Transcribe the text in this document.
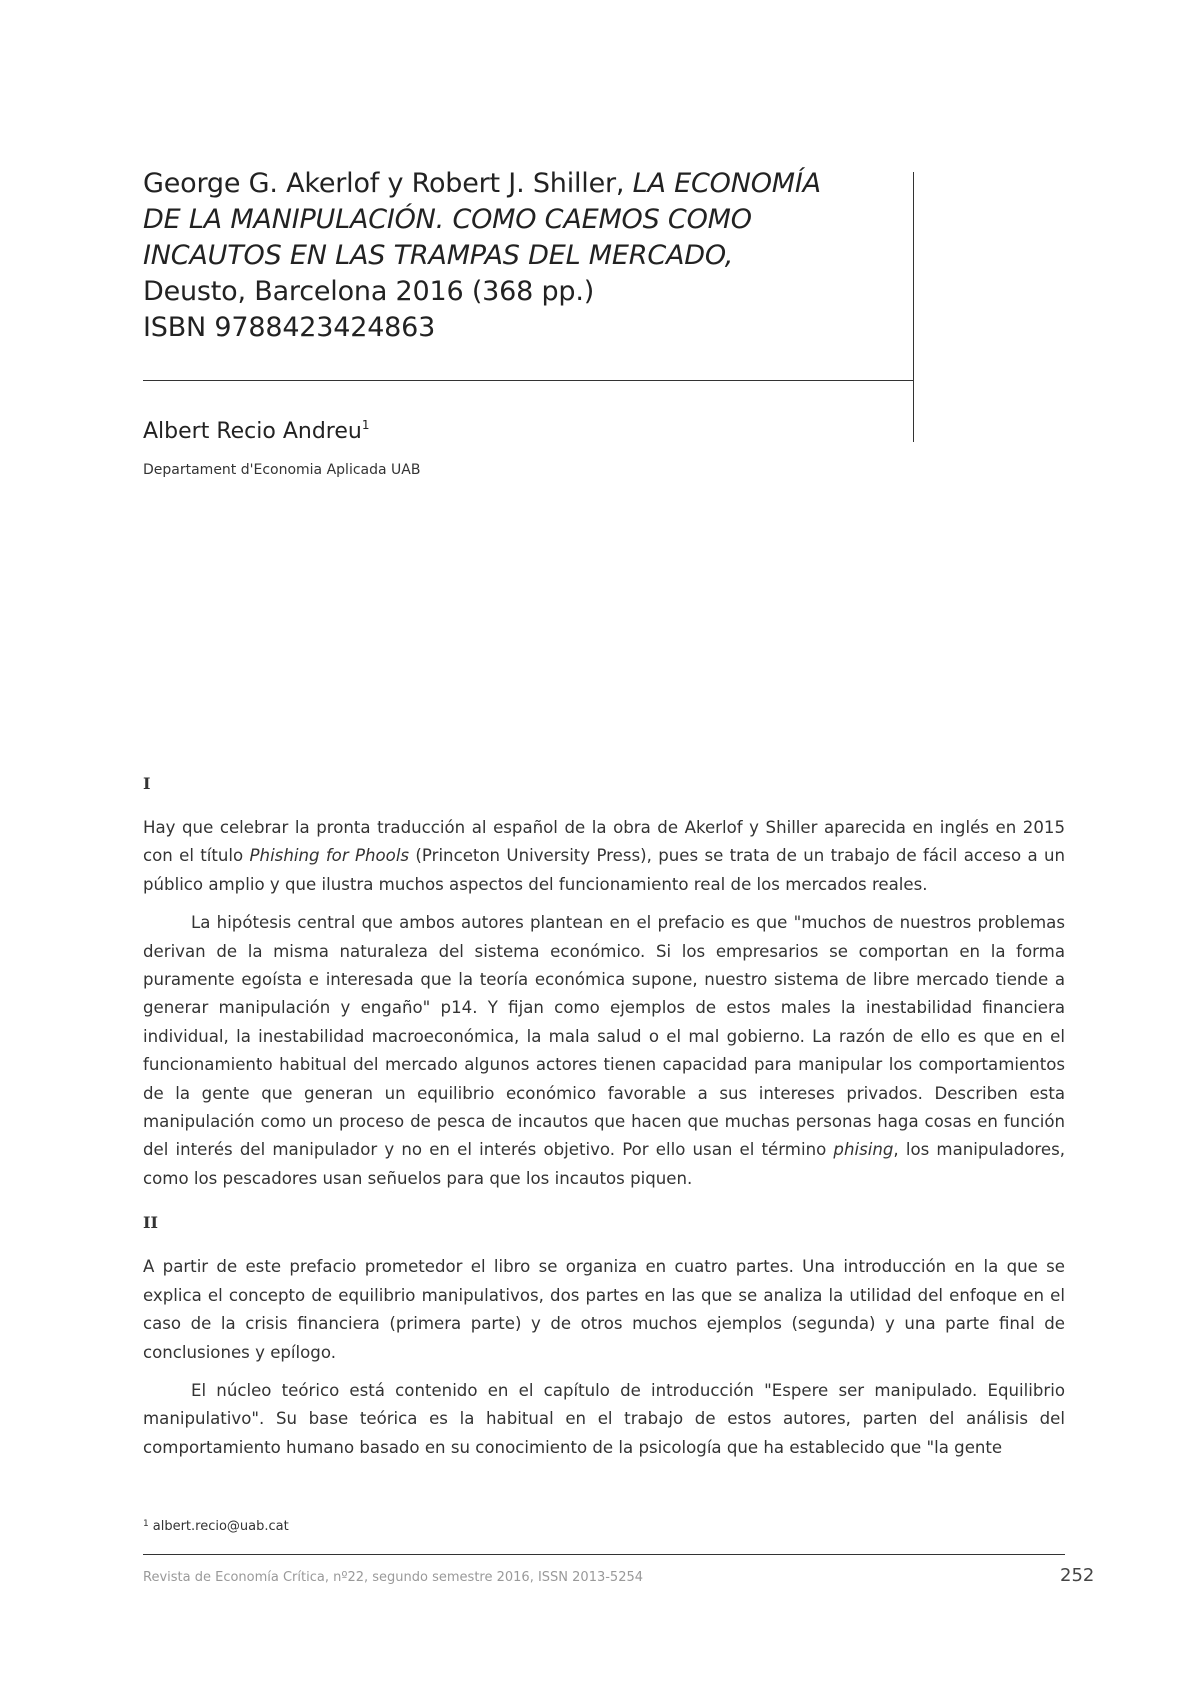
George G. Akerlof y Robert J. Shiller, LA ECONOMÍA
DE LA MANIPULACIÓN. COMO CAEMOS COMO
INCAUTOS EN LAS TRAMPAS DEL MERCADO,
Deusto, Barcelona 2016 (368 pp.)
ISBN 9788423424863
Albert Recio Andreu$^1$
Departament d'Economia Aplicada UAB
I

Hay que celebrar la pronta traducción al español de la obra de Akerlof y Shiller aparecida en inglés en 2015 con el título Phishing for Phools (Princeton University Press), pues se trata de un trabajo de fácil acceso a un público amplio y que ilustra muchos aspectos del funcionamiento real de los mercados reales.

La hipótesis central que ambos autores plantean en el prefacio es que "muchos de nuestros problemas derivan de la misma naturaleza del sistema económico. Si los empresarios se comportan en la forma puramente egoísta e interesada que la teoría económica supone, nuestro sistema de libre mercado tiende a generar manipulación y engaño" p14. Y fijan como ejemplos de estos males la inestabilidad financiera individual, la inestabilidad macroeconómica, la mala salud o el mal gobierno. La razón de ello es que en el funcionamiento habitual del mercado algunos actores tienen capacidad para manipular los comportamientos de la gente que generan un equilibrio económico favorable a sus intereses privados. Describen esta manipulación como un proceso de pesca de incautos que hacen que muchas personas haga cosas en función del interés del manipulador y no en el interés objetivo. Por ello usan el término phising, los manipuladores, como los pescadores usan señuelos para que los incautos piquen.

II

A partir de este prefacio prometedor el libro se organiza en cuatro partes. Una introducción en la que se explica el concepto de equilibrio manipulativos, dos partes en las que se analiza la utilidad del enfoque en el caso de la crisis financiera (primera parte) y de otros muchos ejemplos (segunda) y una parte final de conclusiones y epílogo.

El núcleo teórico está contenido en el capítulo de introducción "Espere ser manipulado. Equilibrio manipulativo". Su base teórica es la habitual en el trabajo de estos autores, parten del análisis del comportamiento humano basado en su conocimiento de la psicología que ha establecido que "la gente

$^1$ albert.recio@uab.cat
Revista de Economía Crítica, nº22, segundo semestre 2016, ISSN 2013-5254	252
